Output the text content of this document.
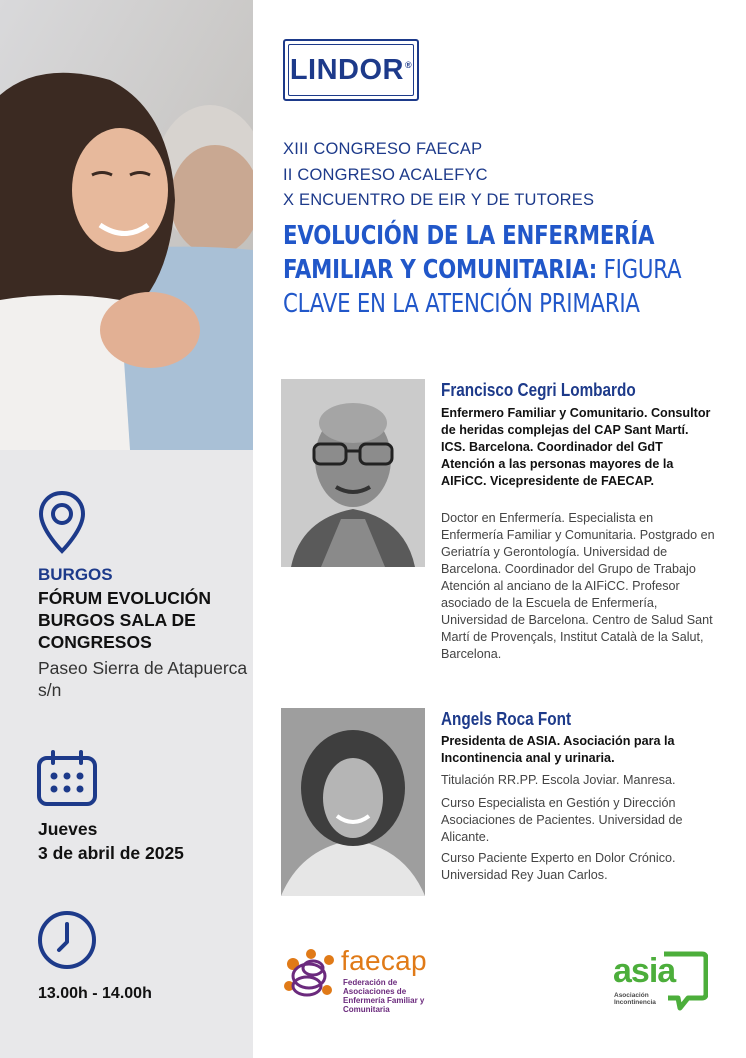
BURGOS
FÓRUM EVOLUCIÓN BURGOS SALA DE CONGRESOS
Paseo Sierra de Atapuerca s/n
Jueves
3 de abril de 2025
13.00h - 14.00h
LINDOR®
XIII CONGRESO FAECAP
II CONGRESO ACALEFYC
X ENCUENTRO DE EIR Y DE TUTORES
EVOLUCIÓN DE LA ENFERMERÍA FAMILIAR Y COMUNITARIA: FIGURA CLAVE EN LA ATENCIÓN PRIMARIA
Francisco Cegri Lombardo
Enfermero Familiar y Comunitario. Consultor de heridas complejas del CAP Sant Martí. ICS. Barcelona. Coordinador del GdT Atención a las personas mayores de la AIFiCC. Vicepresidente de FAECAP.
Doctor en Enfermería. Especialista en Enfermería Familiar y Comunitaria. Postgrado en Geriatría y Gerontología. Universidad de Barcelona. Coordinador del Grupo de Trabajo Atención al anciano de la AIFiCC. Profesor asociado de la Escuela de Enfermería, Universidad de Barcelona. Centro de Salud Sant Martí de Provençals, Institut Català de la Salut, Barcelona.
Angels Roca Font
Presidenta de ASIA. Asociación para la Incontinencia anal y urinaria.
Titulación RR.PP. Escola Joviar. Manresa.
Curso Especialista en Gestión y Dirección Asociaciones de Pacientes. Universidad de Alicante.
Curso Paciente Experto en Dolor Crónico. Universidad Rey Juan Carlos.
faecap
Federación de Asociaciones de Enfermería Familiar y Comunitaria
asia
Asociación Incontinencia
